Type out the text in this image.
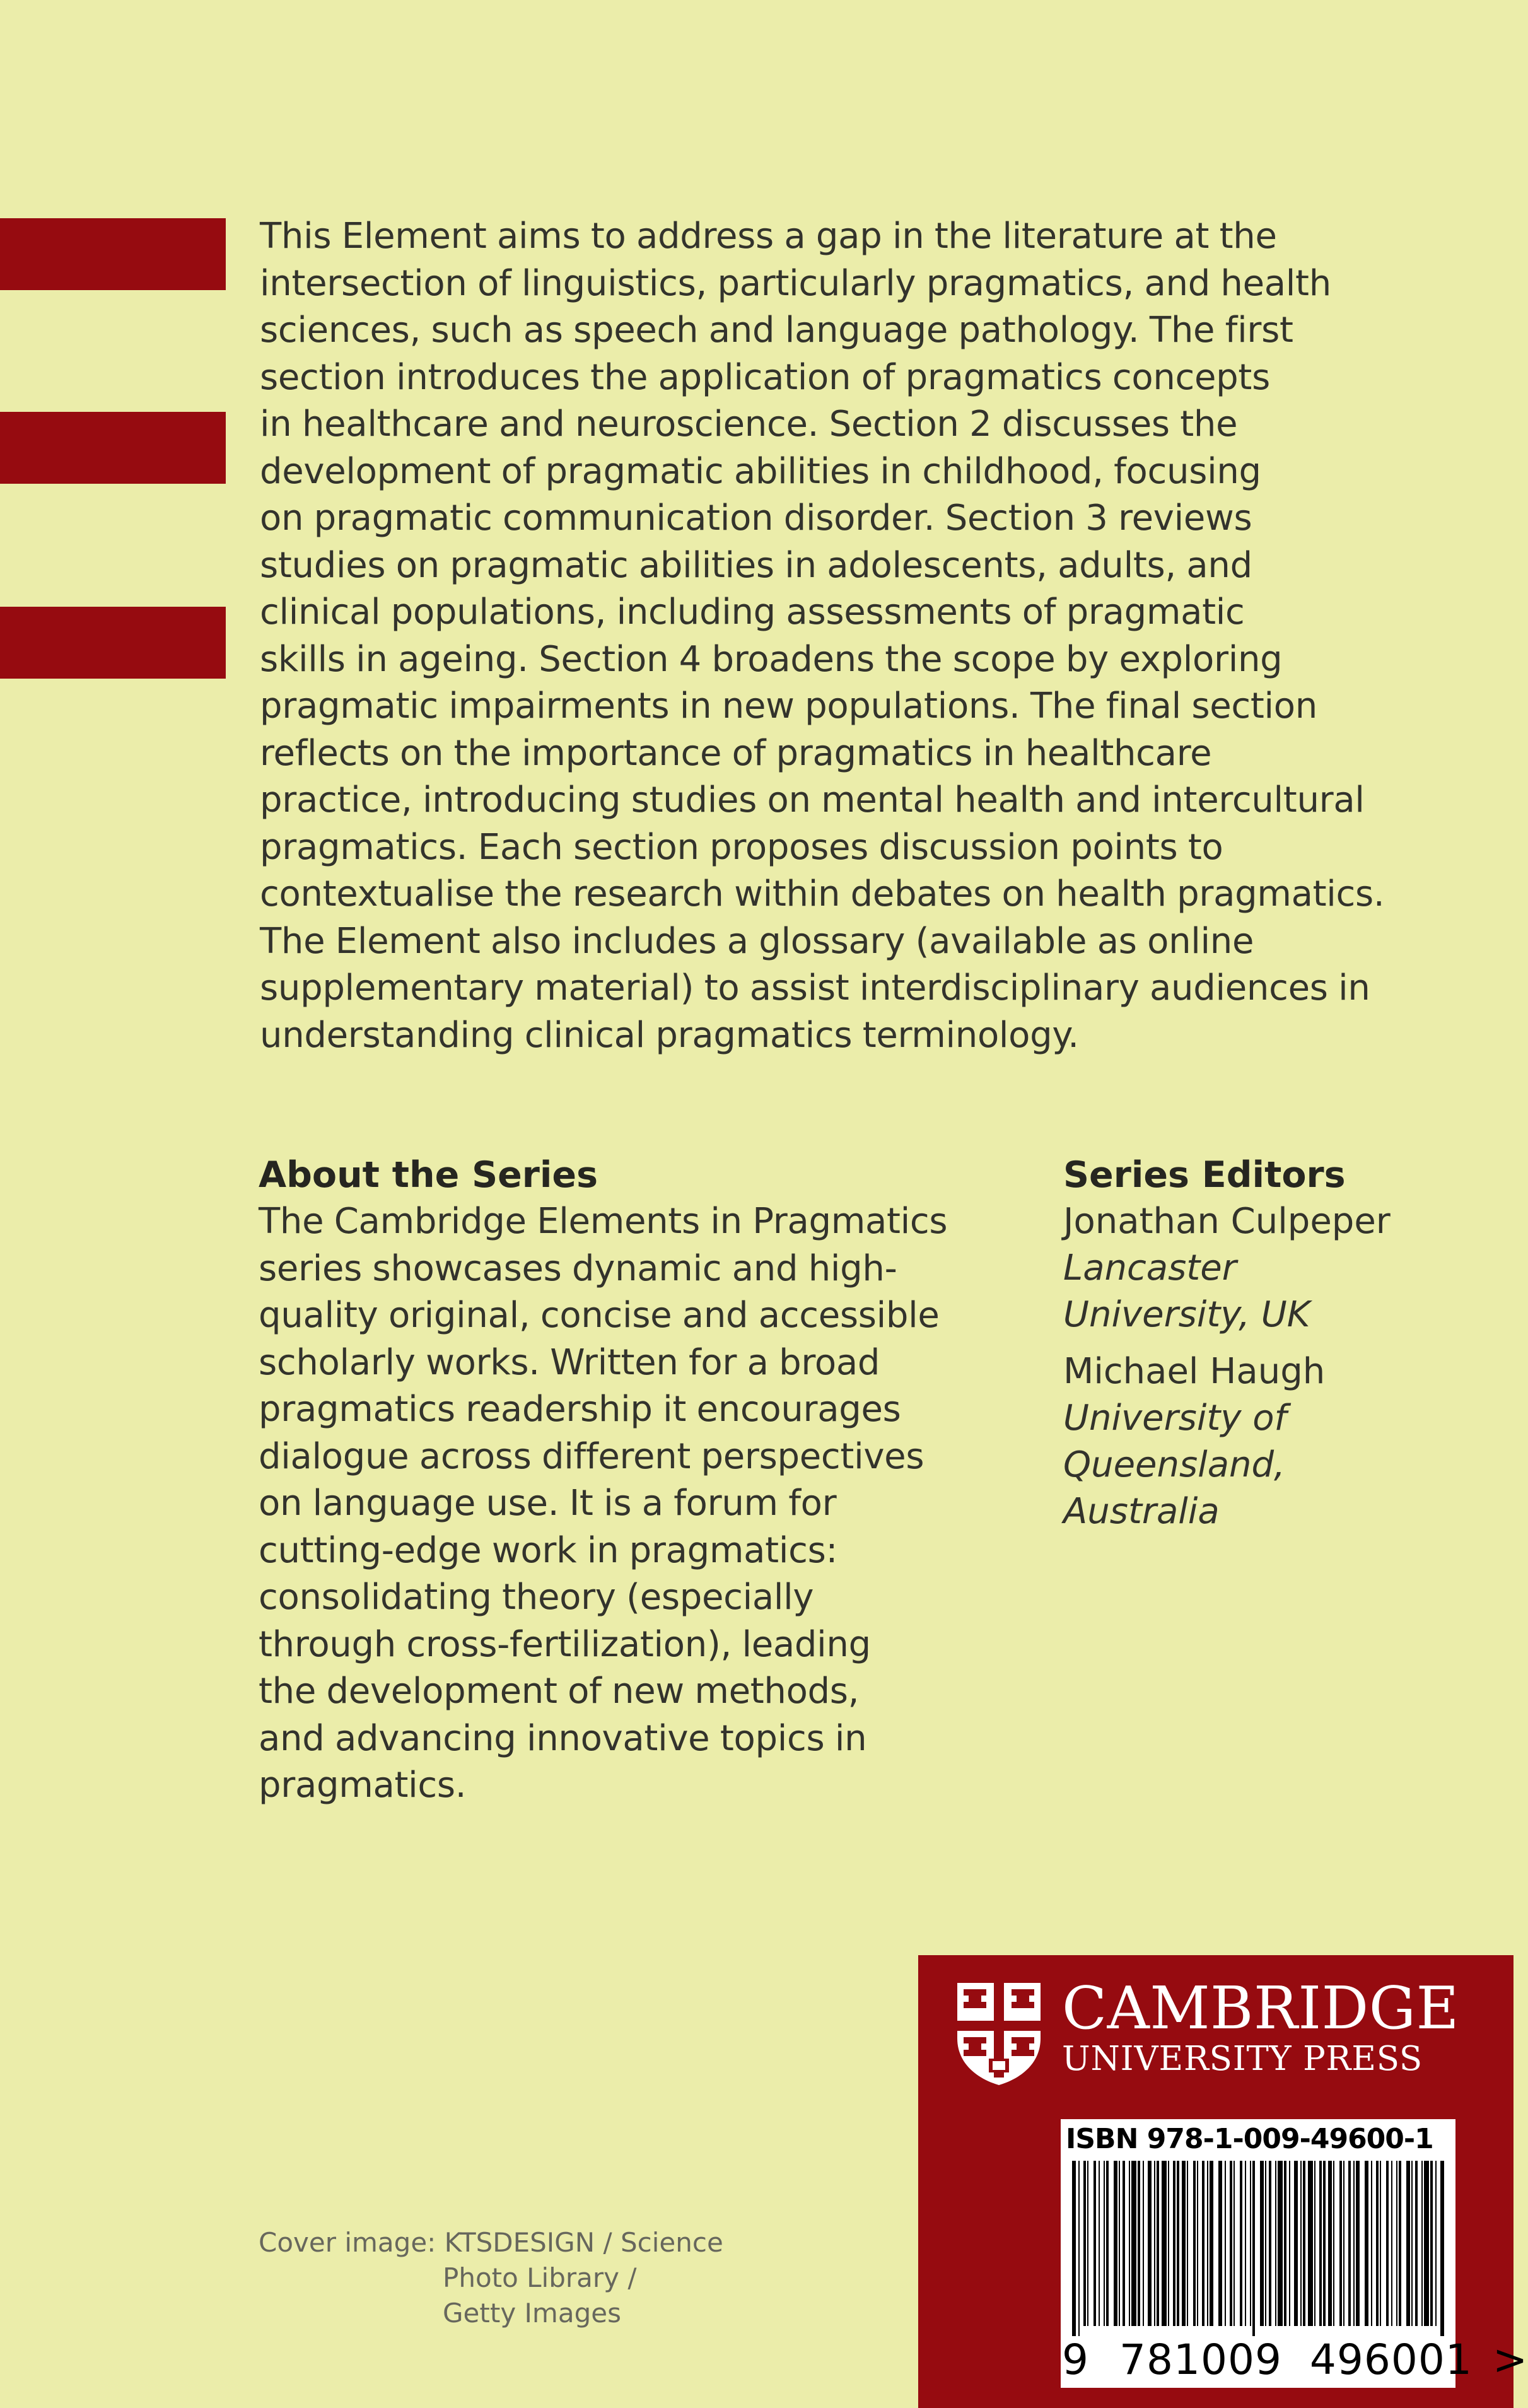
This Element aims to address a gap in the literature at the
intersection of linguistics, particularly pragmatics, and health
sciences, such as speech and language pathology. The first
section introduces the application of pragmatics concepts
in healthcare and neuroscience. Section 2 discusses the
development of pragmatic abilities in childhood, focusing
on pragmatic communication disorder. Section 3 reviews
studies on pragmatic abilities in adolescents, adults, and
clinical populations, including assessments of pragmatic
skills in ageing. Section 4 broadens the scope by exploring
pragmatic impairments in new populations. The final section
reflects on the importance of pragmatics in healthcare
practice, introducing studies on mental health and intercultural
pragmatics. Each section proposes discussion points to
contextualise the research within debates on health pragmatics.
The Element also includes a glossary (available as online
supplementary material) to assist interdisciplinary audiences in
understanding clinical pragmatics terminology.

About the Series
The Cambridge Elements in Pragmatics
series showcases dynamic and high-
quality original, concise and accessible
scholarly works. Written for a broad
pragmatics readership it encourages
dialogue across different perspectives
on language use. It is a forum for
cutting-edge work in pragmatics:
consolidating theory (especially
through cross-fertilization), leading
the development of new methods,
and advancing innovative topics in
pragmatics.
Series Editors
Jonathan Culpeper
Lancaster
University, UK
Michael Haugh
University of
Queensland,
Australia
Cover image: KTSDESIGN / Science
Photo Library /
Getty Images
CAMBRIDGE
UNIVERSITY PRESS
ISBN 978-1-009-49600-1
9 781009 496001 >
